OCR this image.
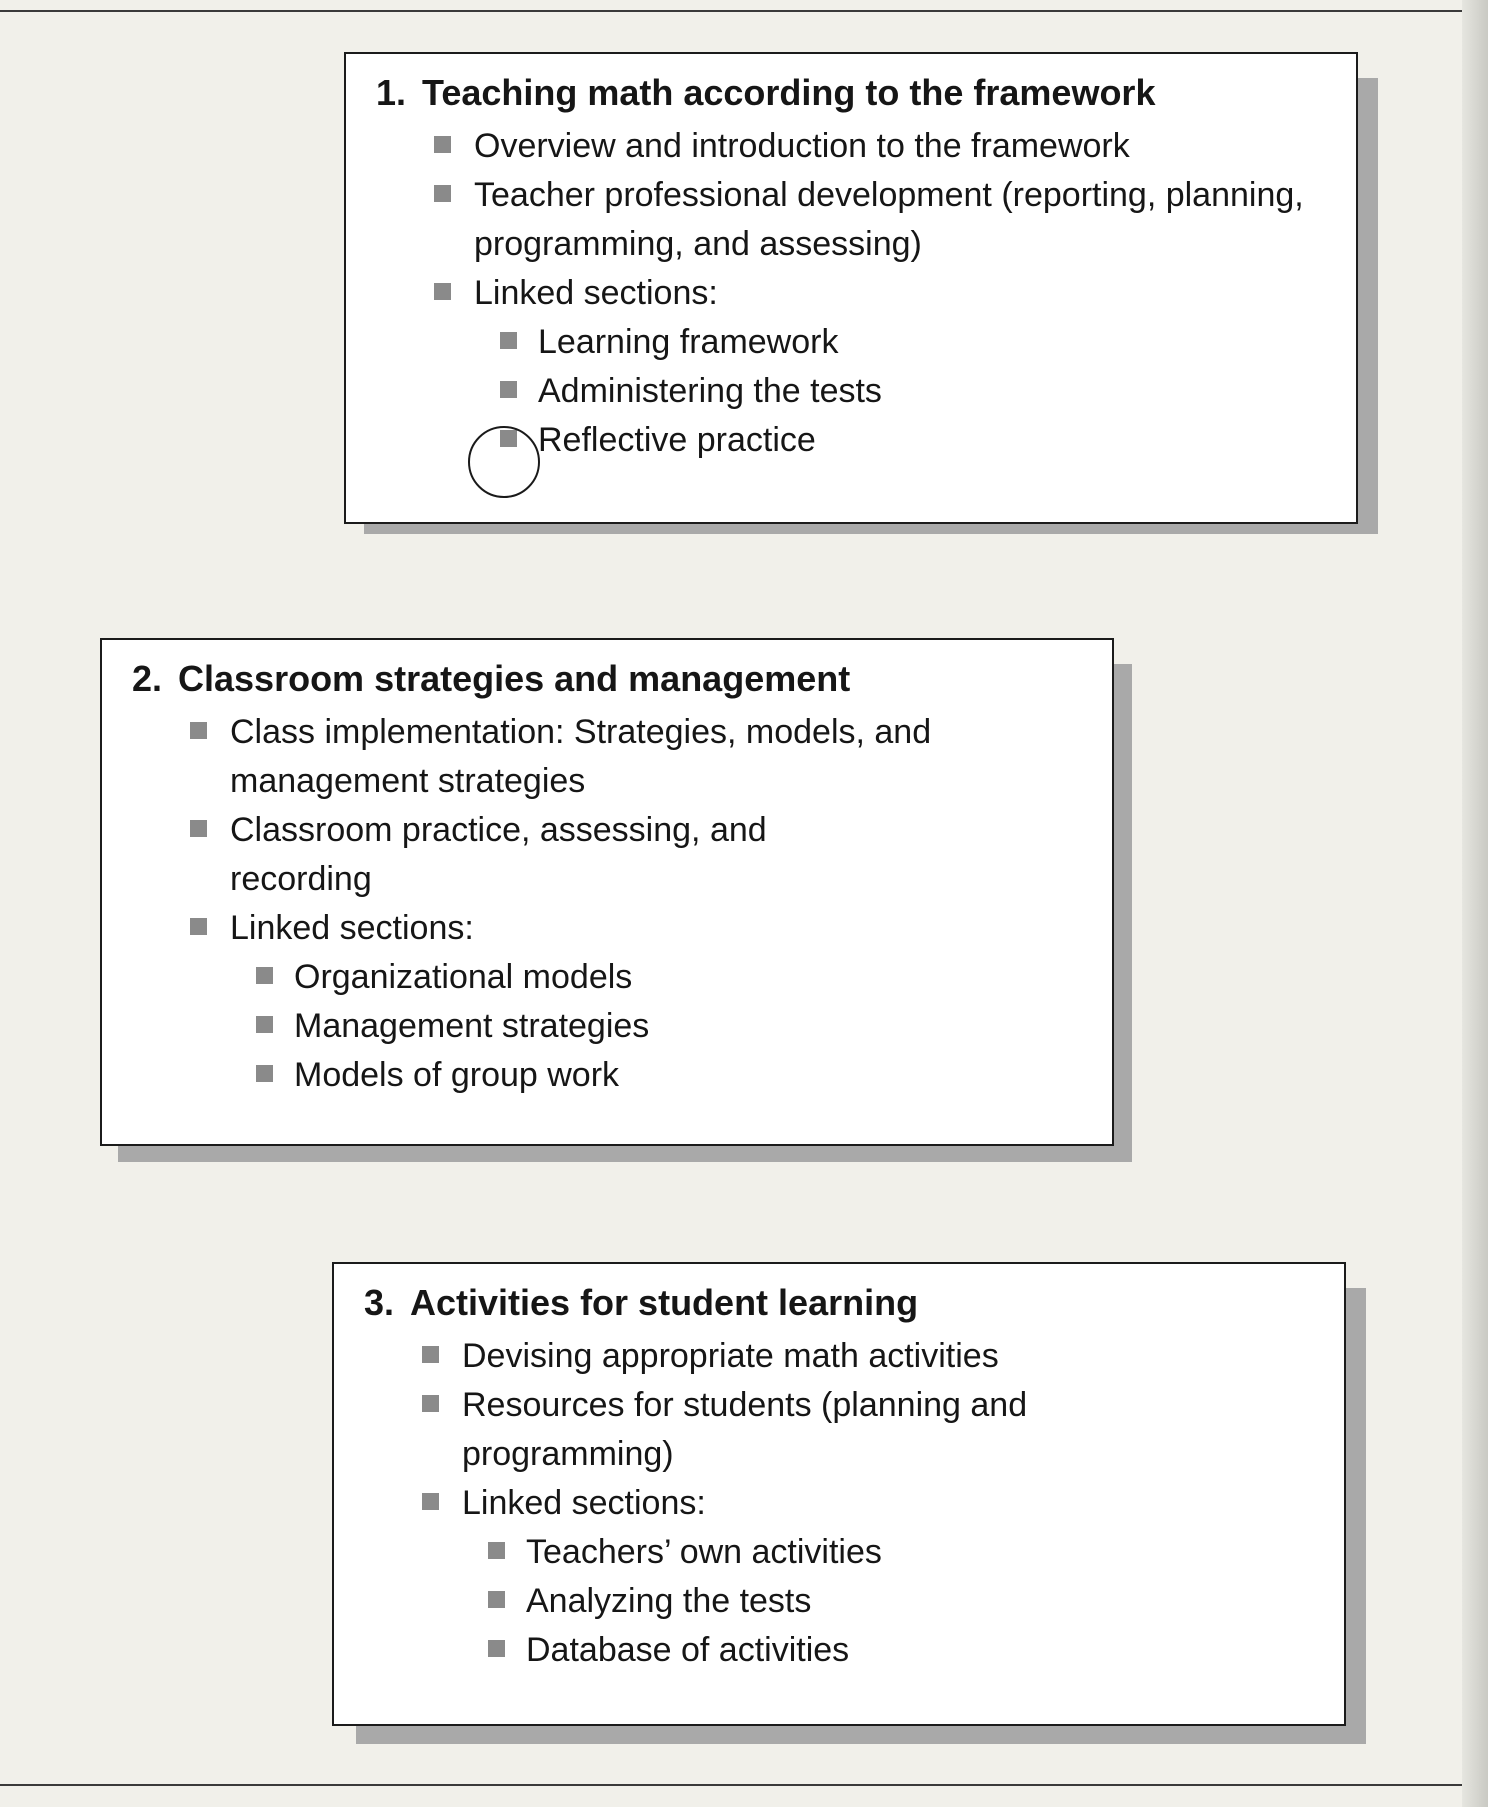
1. Teaching math according to the framework
Overview and introduction to the framework
Teacher professional development (reporting, planning, programming, and assessing)
Linked sections:
Learning framework
Administering the tests
Reflective practice
2. Classroom strategies and management
Class implementation: Strategies, models, and management strategies
Classroom practice, assessing, and recording
Linked sections:
Organizational models
Management strategies
Models of group work
3. Activities for student learning
Devising appropriate math activities
Resources for students (planning and programming)
Linked sections:
Teachers’ own activities
Analyzing the tests
Database of activities
